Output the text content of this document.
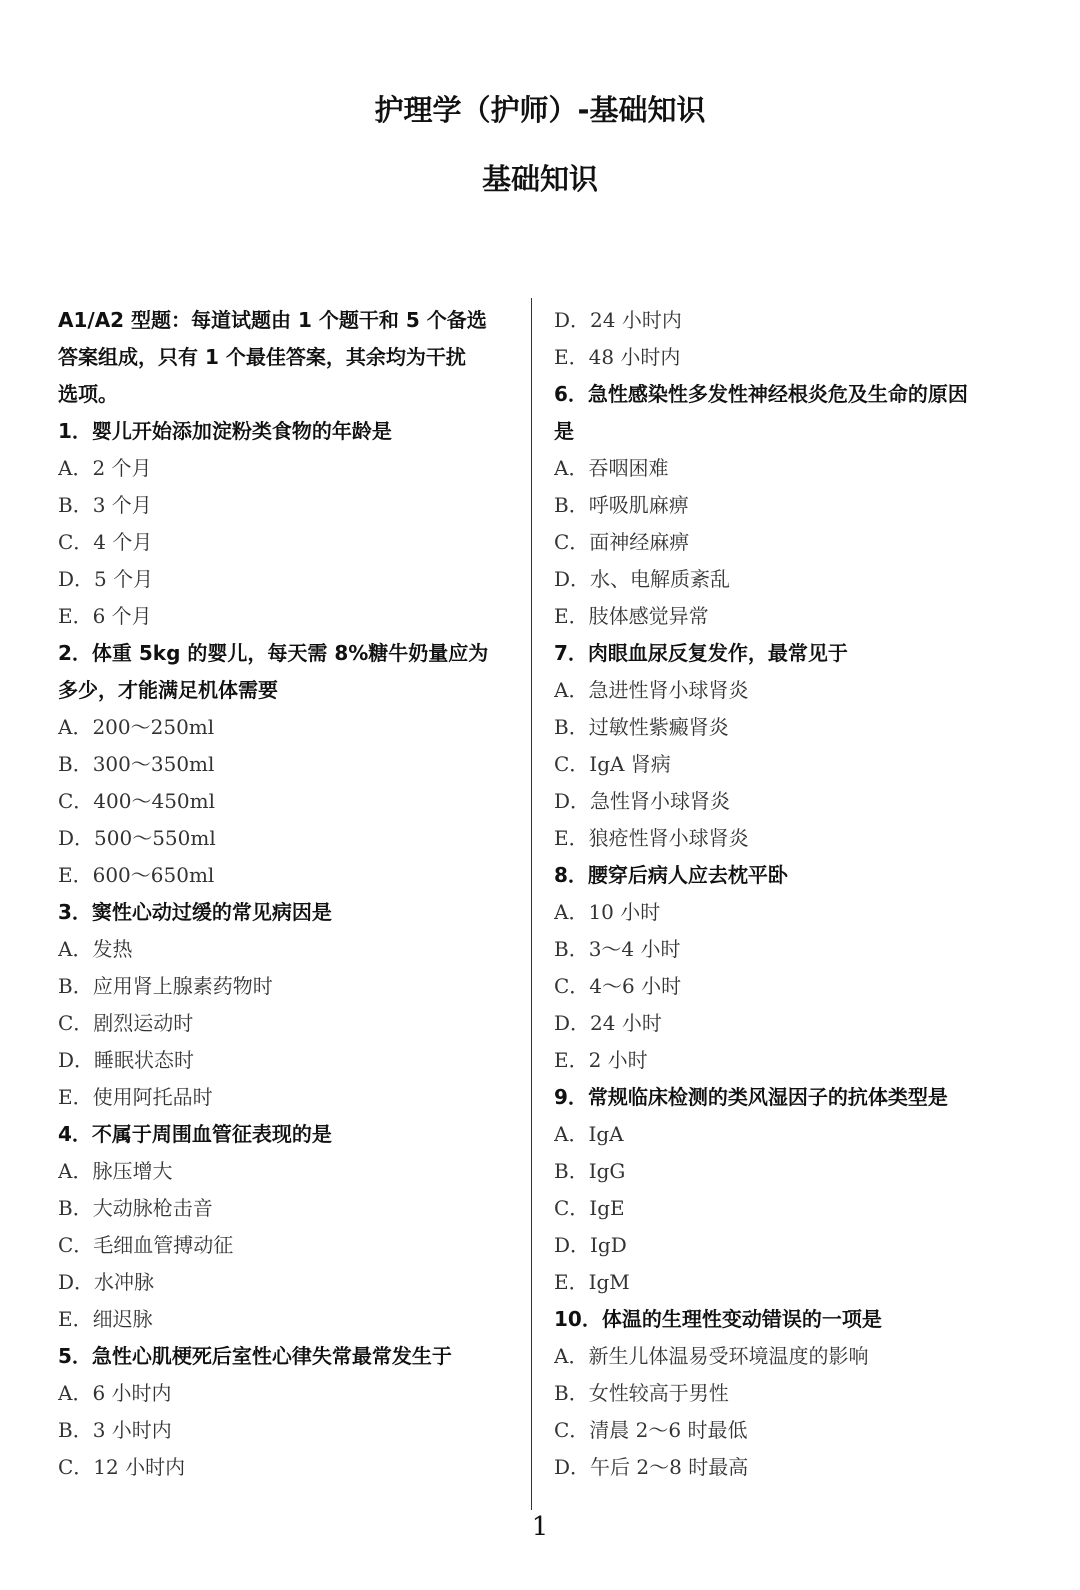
护理学（护师）-基础知识
基础知识
A1/A2 型题：每道试题由 1 个题干和 5 个备选
答案组成，只有 1 个最佳答案，其余均为干扰
选项。
1．婴儿开始添加淀粉类食物的年龄是
A．2 个月
B．3 个月
C．4 个月
D．5 个月
E．6 个月
2．体重 5kg 的婴儿，每天需 8%糖牛奶量应为
多少，才能满足机体需要
A．200～250ml
B．300～350ml
C．400～450ml
D．500～550ml
E．600～650ml
3．窦性心动过缓的常见病因是
A．发热
B．应用肾上腺素药物时
C．剧烈运动时
D．睡眠状态时
E．使用阿托品时
4．不属于周围血管征表现的是
A．脉压增大
B．大动脉枪击音
C．毛细血管搏动征
D．水冲脉
E．细迟脉
5．急性心肌梗死后室性心律失常最常发生于
A．6 小时内
B．3 小时内
C．12 小时内
D．24 小时内
E．48 小时内
6．急性感染性多发性神经根炎危及生命的原因
是
A．吞咽困难
B．呼吸肌麻痹
C．面神经麻痹
D．水、电解质紊乱
E．肢体感觉异常
7．肉眼血尿反复发作，最常见于
A．急进性肾小球肾炎
B．过敏性紫癜肾炎
C．IgA 肾病
D．急性肾小球肾炎
E．狼疮性肾小球肾炎
8．腰穿后病人应去枕平卧
A．10 小时
B．3～4 小时
C．4～6 小时
D．24 小时
E．2 小时
9．常规临床检测的类风湿因子的抗体类型是
A．IgA
B．IgG
C．IgE
D．IgD
E．IgM
10．体温的生理性变动错误的一项是
A．新生儿体温易受环境温度的影响
B．女性较高于男性
C．清晨 2～6 时最低
D．午后 2～8 时最高
1
